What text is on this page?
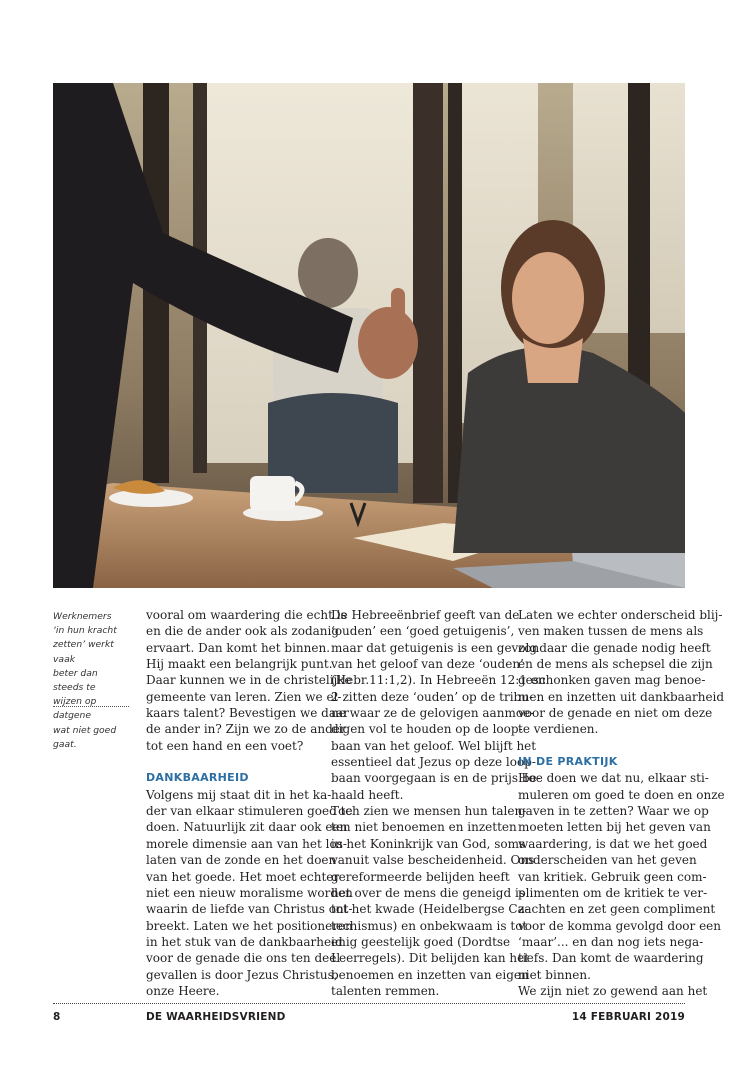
Werknemers
‘in hun kracht
zetten’ werkt vaak
beter dan steeds te
wijzen op datgene
wat niet goed
gaat.

vooral om waardering die echt is
en die de ander ook als zodanig
ervaart. Dan komt het binnen.
Hij maakt een belangrijk punt.
Daar kunnen we in de christelijke
gemeente van leren. Zien we el-
kaars talent? Bevestigen we daar
de ander in? Zijn we zo de ander
tot een hand en een voet?

DANKBAARHEID

Volgens mij staat dit in het ka-
der van elkaar stimuleren goed te
doen. Natuurlijk zit daar ook een
morele dimensie aan van het los-
laten van de zonde en het doen
van het goede. Het moet echter
niet een nieuw moralisme worden
waarin de liefde van Christus ont-
breekt. Laten we het positioneren
in het stuk van de dankbaarheid
voor de genade die ons ten deel
gevallen is door Jezus Christus,
onze Heere.

De Hebreeënbrief geeft van de
‘ouden’ een ‘goed getuigenis’,
maar dat getuigenis is een gevolg
van het geloof van deze ‘ouden’
(Hebr.11:1,2). In Hebreeën 12:1 en
2 zitten deze ‘ouden’ op de tribu-
ne waar ze de gelovigen aanmoe-
digen vol te houden op de loop-
baan van het geloof. Wel blijft het
essentieel dat Jezus op deze loop-
baan voorgegaan is en de prijs be-
haald heeft.

Toch zien we mensen hun talen-
ten niet benoemen en inzetten
in het Koninkrijk van God, soms
vanuit valse bescheidenheid. Ons
gereformeerde belijden heeft
het over de mens die geneigd is
tot het kwade (Heidelbergse Ca-
techismus) en onbekwaam is tot
enig geestelijk goed (Dordtse
Leerregels). Dit belijden kan het
benoemen en inzetten van eigen
talenten remmen.

Laten we echter onderscheid blij-
ven maken tussen de mens als
zondaar die genade nodig heeft
en de mens als schepsel die zijn
geschonken gaven mag benoe-
men en inzetten uit dankbaarheid
voor de genade en niet om deze
te verdienen.

IN DE PRAKTIJK

Hoe doen we dat nu, elkaar sti-
muleren om goed te doen en onze
gaven in te zetten? Waar we op
moeten letten bij het geven van
waardering, is dat we het goed
onderscheiden van het geven
van kritiek. Gebruik geen com-
plimenten om de kritiek te ver-
zachten en zet geen compliment
voor de komma gevolgd door een
‘maar’... en dan nog iets nega-
tiefs. Dan komt de waardering
niet binnen.

We zijn niet zo gewend aan het

8	DE WAARHEIDSVRIEND	14 FEBRUARI 2019
